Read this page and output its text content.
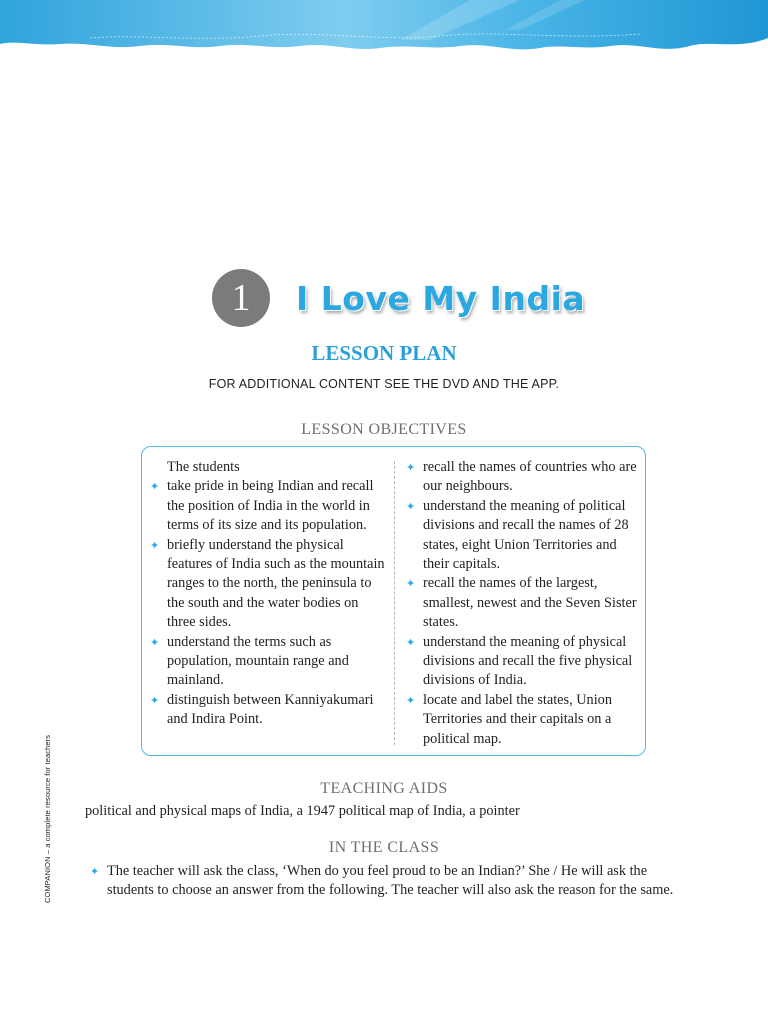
1	I Love My India
LESSON PLAN
FOR ADDITIONAL CONTENT SEE THE DVD AND THE APP.
LESSON OBJECTIVES
The students
✦ take pride in being Indian and recall the position of India in the world in terms of its size and its population.
✦ briefly understand the physical features of India such as the mountain ranges to the north, the peninsula to the south and the water bodies on three sides.
✦ understand the terms such as population, mountain range and mainland.
✦ distinguish between Kanniyakumari and Indira Point.
✦ recall the names of countries who are our neighbours.
✦ understand the meaning of political divisions and recall the names of 28 states, eight Union Territories and their capitals.
✦ recall the names of the largest, smallest, newest and the Seven Sister states.
✦ understand the meaning of physical divisions and recall the five physical divisions of India.
✦ locate and label the states, Union Territories and their capitals on a political map.
TEACHING AIDS
political and physical maps of India, a 1947 political map of India, a pointer
IN THE CLASS
✦ The teacher will ask the class, ‘When do you feel proud to be an Indian?’ She / He will ask the students to choose an answer from the following. The teacher will also ask the reason for the same.
COMPANION – a complete resource for teachers
